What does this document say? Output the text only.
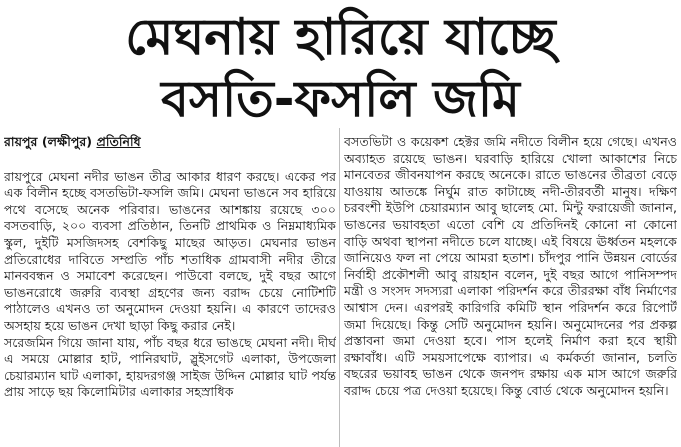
মেঘনায় হারিয়ে যাচ্ছে
বসতি-ফসলি জমি

রায়পুর (লক্ষীপুর) প্রতিনিধি

রায়পুরে মেঘনা নদীর ভাঙন তীব্র আকার ধারণ করছে। একের পর এক বিলীন হচ্ছে বসতভিটা-ফসলি জমি। মেঘনা ভাঙনে সব হারিয়ে পথে বসেছে অনেক পরিবার। ভাঙনের আশঙ্কায় রয়েছে ৩০০ বসতবাড়ি, ২০০ ব্যবসা প্রতিষ্ঠান, তিনটি প্রাথমিক ও নিম্নমাধ্যমিক স্কুল, দুইটি মসজিদসহ বেশকিছু মাছের আড়ত। মেঘনার ভাঙন প্রতিরোধের দাবিতে সম্প্রতি পাঁচ শতাধিক গ্রামবাসী নদীর তীরে মানববন্ধন ও সমাবেশ করেছেন। পাউবো বলছে, দুই বছর আগে ভাঙনরোধে জরুরি ব্যবস্থা গ্রহণের জন্য বরাদ্দ চেয়ে নোটিশটি পাঠালেও এখনও তা অনুমোদন দেওয়া হয়নি। এ কারণে তাদেরও অসহায় হয়ে ভাঙন দেখা ছাড়া কিছু করার নেই।

সরেজমিন গিয়ে জানা যায়, পাঁচ বছর ধরে ভাঙছে মেঘনা নদী। দীর্ঘ এ সময়ে মোল্লার হাট, পানিরঘাট, স্লুইসগেট এলাকা, উপজেলা চেয়ারম্যান ঘাট এলাকা, হায়দরগঞ্জ সাইজ উদ্দিন মোল্লার ঘাট পর্যন্ত প্রায় সাড়ে ছয় কিলোমিটার এলাকার সহস্রাধিক

বসতভিটা ও কয়েকশ হেক্টর জমি নদীতে বিলীন হয়ে গেছে। এখনও অব্যাহত রয়েছে ভাঙন। ঘরবাড়ি হারিয়ে খোলা আকাশের নিচে মানবেতর জীবনযাপন করছে অনেকে। রাতে ভাঙনের তীব্রতা বেড়ে যাওয়ায় আতঙ্কে নির্ঘুম রাত কাটাচ্ছে নদী-তীরবর্তী মানুষ। দক্ষিণ চরবংশী ইউপি চেয়ারম্যান আবু ছালেহ মো. মিন্টু ফরায়েজী জানান, ভাঙনের ভয়াবহতা এতো বেশি যে প্রতিদিনই কোনো না কোনো বাড়ি অথবা স্থাপনা নদীতে চলে যাচ্ছে। এই বিষয়ে ঊর্ধ্বতন মহলকে জানিয়েও ফল না পেয়ে আমরা হতাশ। চাঁদপুর পানি উন্নয়ন বোর্ডের নির্বাহী প্রকৌশলী আবু রায়হান বলেন, দুই বছর আগে পানিসম্পদ মন্ত্রী ও সংসদ সদস্যরা এলাকা পরিদর্শন করে তীররক্ষা বাঁধ নির্মাণের আশ্বাস দেন। এরপরই কারিগরি কমিটি স্থান পরিদর্শন করে রিপোর্ট জমা দিয়েছে। কিন্তু সেটি অনুমোদন হয়নি। অনুমোদনের পর প্রকল্প প্রস্তাবনা জমা দেওয়া হবে। পাস হলেই নির্মাণ করা হবে স্থায়ী রক্ষাবাঁধ। এটি সময়সাপেক্ষে ব্যাপার। এ কর্মকর্তা জানান, চলতি বছরের ভয়াবহ ভাঙন থেকে জনপদ রক্ষায় এক মাস আগে জরুরি বরাদ্দ চেয়ে পত্র দেওয়া হয়েছে। কিন্তু বোর্ড থেকে অনুমোদন হয়নি।
